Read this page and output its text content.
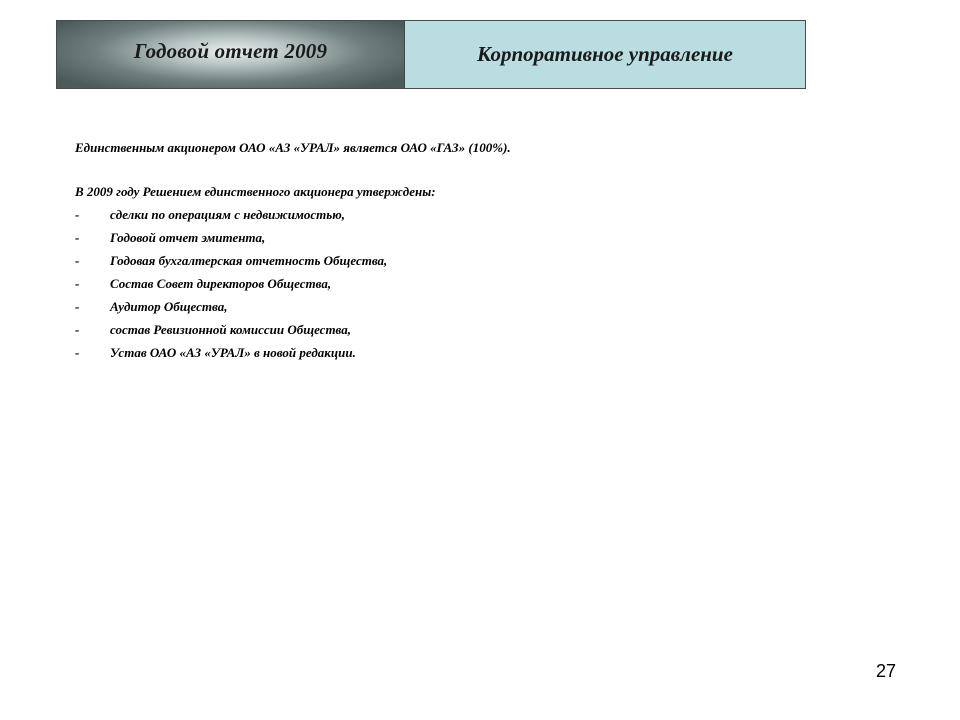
Годовой отчет 2009	Корпоративное управление

Единственным акционером ОАО «АЗ «УРАЛ» является ОАО «ГАЗ» (100%).

В 2009 году Решением единственного акционера утверждены:

-	сделки по операциям с недвижимостью,
-	Годовой отчет эмитента,
-	Годовая бухгалтерская отчетность Общества,
-	Состав Совет директоров Общества,
-	Аудитор Общества,
-	состав Ревизионной комиссии Общества,
-	Устав ОАО «АЗ «УРАЛ» в новой редакции.
27
